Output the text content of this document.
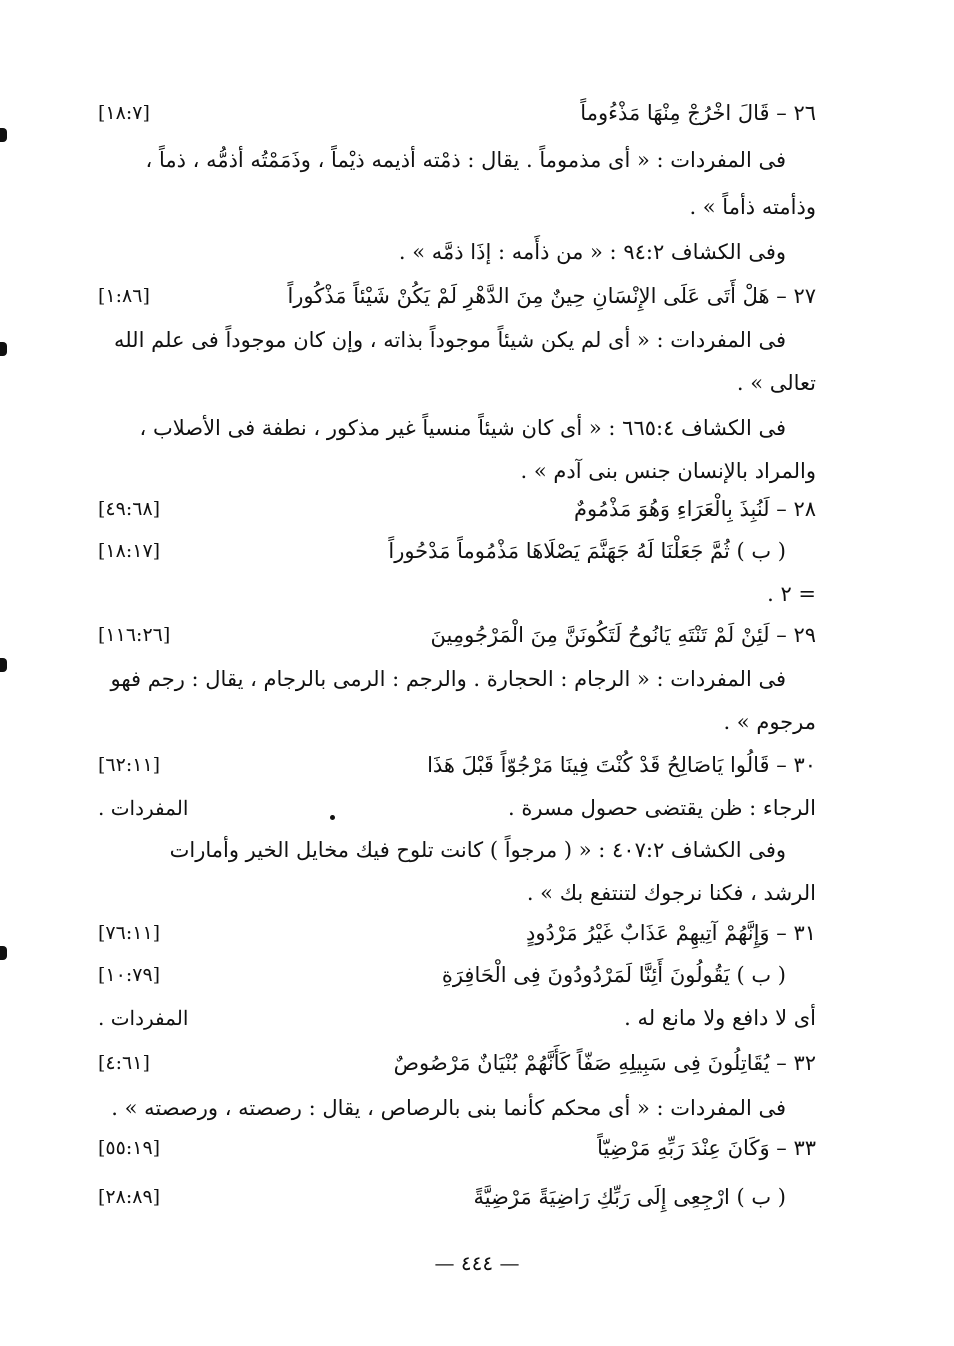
٢٦ – قَالَ اخْرُجْ مِنْهَا مَذْءُوماً
[١٨:٧]
فى المفردات : « أى مذموماً . يقال : ذمْته أذيمه ذيْماً ، وذَمَمْتُه أذمُّه ، ذماً ،
وذأمته ذأماً » .
وفى الكشاف ٩٤:٢ : « من ذأَمه : إذَا ذمَّه » .
٢٧ – هَلْ أَتَى عَلَى الإِنْسَانِ حِينٌ مِنَ الدَّهْرِ لَمْ يَكُنْ شَيْئاً مَذْكُوراً
[١:٨٦]
فى المفردات : « أى لم يكن شيئاً موجوداً بذاته ، وإن كان موجوداً فى علم الله
تعالى » .
فى الكشاف ٦٦٥:٤ : « أى كان شيئاً منسياً غير مذكور ، نطفة فى الأصلاب ،
والمراد بالإنسان جنس بنى آدم » .
٢٨ – لَنُبِذَ بِالْعَرَاءِ وَهُوَ مَذْمُومٌ
[٤٩:٦٨]
( ب ) ثُمَّ جَعَلْنَا لَهُ جَهَنَّمَ يَصْلَاهَا مَذْمُوماً مَدْحُوراً
[١٨:١٧]
= ٢ .
٢٩ – لَئِنْ لَمْ تَنْتَهِ يَانُوحُ لَتَكُونَنَّ مِنَ الْمَرْجُومِينَ
[١١٦:٢٦]
فى المفردات : « الرجام : الحجارة . والرجم : الرمى بالرجام ، يقال : رجم فهو
مرجوم » .
٣٠ – قَالُوا يَاصَالِحُ قَدْ كُنْتَ فِينَا مَرْجُوّاً قَبْلَ هَذَا
[٦٢:١١]
الرجاء : ظن يقتضى حصول مسرة .
المفردات .
وفى الكشاف ٤٠٧:٢ : « ( مرجواً ) كانت تلوح فيك مخايل الخير وأمارات
الرشد ، فكنا نرجوك لتنتفع بك » .
٣١ – وَإِنَّهُمْ آتِيهِمْ عَذَابٌ غَيْرُ مَرْدُودٍ
[٧٦:١١]
( ب ) يَقُولُونَ أَئِنَّا لَمَرْدُودُونَ فِى الْحَافِرَةِ
[١٠:٧٩]
أى لا دافع ولا مانع له .
المفردات .
٣٢ – يُقَاتِلُونَ فِى سَبِيلِهِ صَفّاً كَأَنَّهُمْ بُنْيَانٌ مَرْصُوصٌ
[٤:٦١]
فى المفردات : « أى محكم كأنما بنى بالرصاص ، يقال : رصصته ، ورصصته » .
٣٣ – وَكَانَ عِنْدَ رَبِّهِ مَرْضِيّاً
[٥٥:١٩]
( ب ) ارْجِعِى إِلَى رَبِّكِ رَاضِيَةً مَرْضِيَّةً
[٢٨:٨٩]
— ٤٤٤ —
